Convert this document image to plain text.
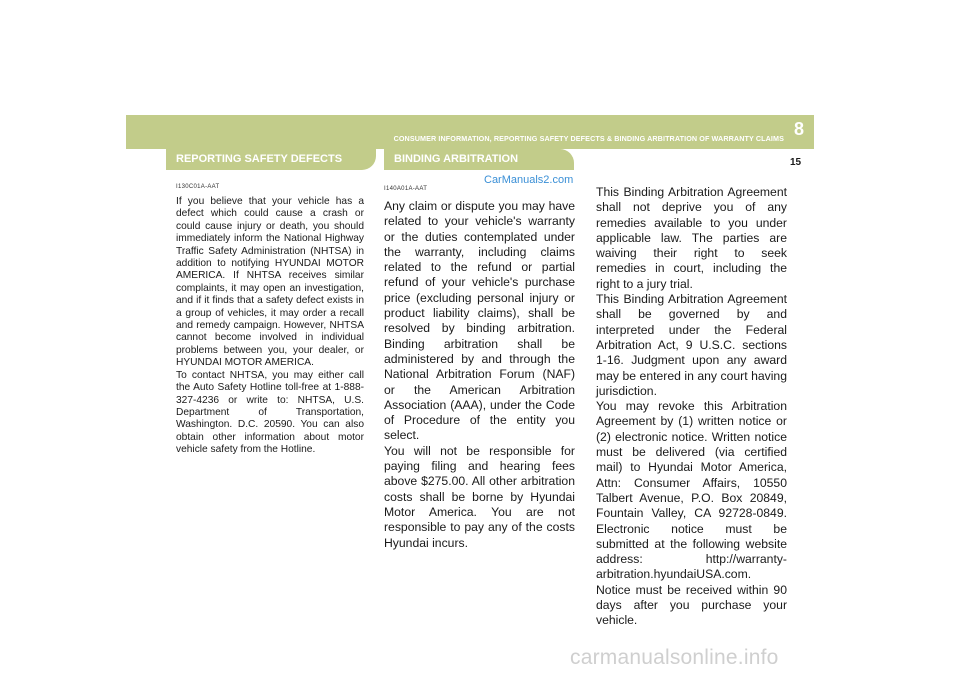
CONSUMER INFORMATION, REPORTING SAFETY DEFECTS & BINDING ARBITRATION OF WARRANTY CLAIMS 8
15
REPORTING SAFETY DEFECTS	BINDING ARBITRATION
CarManuals2.com
I130C01A-AAT

If you believe that your vehicle has a defect which could cause a crash or could cause injury or death, you should immediately inform the National Highway Traffic Safety Administration (NHTSA) in addition to notifying HYUNDAI MOTOR AMERICA. If NHTSA receives similar complaints, it may open an investigation, and if it finds that a safety defect exists in a group of vehicles, it may order a recall and remedy campaign. However, NHTSA cannot become involved in individual problems between you, your dealer, or HYUNDAI MOTOR AMERICA.

To contact NHTSA, you may either call the Auto Safety Hotline toll-free at 1-888-327-4236 or write to: NHTSA, U.S. Department of Transportation, Washington. D.C. 20590. You can also obtain other information about motor vehicle safety from the Hotline.

I140A01A-AAT

Any claim or dispute you may have related to your vehicle's warranty or the duties contemplated under the warranty, including claims related to the refund or partial refund of your vehicle's purchase price (excluding personal injury or product liability claims), shall be resolved by binding arbitration. Binding arbitration shall be administered by and through the National Arbitration Forum (NAF) or the American Arbitration Association (AAA), under the Code of Procedure of the entity you select.

You will not be responsible for paying filing and hearing fees above $275.00. All other arbitration costs shall be borne by Hyundai Motor America. You are not responsible to pay any of the costs Hyundai incurs.

This Binding Arbitration Agreement shall not deprive you of any remedies available to you under applicable law. The parties are waiving their right to seek remedies in court, including the right to a jury trial.

This Binding Arbitration Agreement shall be governed by and interpreted under the Federal Arbitration Act, 9 U.S.C. sections 1-16. Judgment upon any award may be entered in any court having jurisdiction.

You may revoke this Arbitration Agreement by (1) written notice or (2) electronic notice. Written notice must be delivered (via certified mail) to Hyundai Motor America, Attn: Consumer Affairs, 10550 Talbert Avenue, P.O. Box 20849, Fountain Valley, CA 92728-0849. Electronic notice must be submitted at the following website address: http://warranty-arbitration.hyundaiUSA.com. Notice must be received within 90 days after you purchase your vehicle.

carmanualsonline.info
